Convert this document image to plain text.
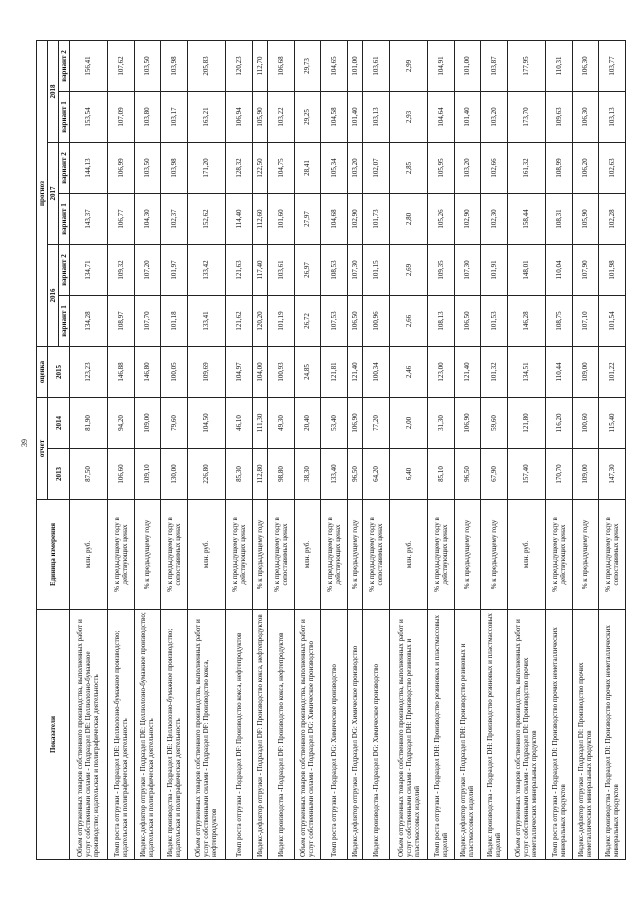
39
Показатели	Единица измерения	отчет		оценка	прогноз					
		2013	2014	2015	2016		2017		2018	
					вариант 1	вариант 2	вариант 1	вариант 2	вариант 1	вариант 2
Объем отгруженных товаров собственного производства, выполненных работ и услуг собственными силами - Подраздел DE: Целлюлозно-бумажное производство; издательская и полиграфическая деятельность	млн. руб.	87,50	81,90	123,23	134,28	134,71	143,37	144,13	153,54	156,41
Темп роста отгрузки - Подраздел DE: Целлюлозно-бумажное производство; издательская и полиграфическая деятельность	% к предыдущему году в действующих ценах	106,60	94,20	146,88	108,97	109,32	106,77	106,99	107,09	107,62
Индекс-дефлятор отгрузки - Подраздел DE: Целлюлозно-бумажное производство; издательская и полиграфическая деятельность	% к предыдущему году	109,10	109,00	146,80	107,70	107,20	104,30	103,50	103,80	103,50
Индекс производства - Подраздел DE: Целлюлозно-бумажное производство; издательская и полиграфическая деятельность	% к предыдущему году в сопоставимых ценах	130,00	79,60	100,05	101,18	101,97	102,37	103,98	103,17	103,98
Объем отгруженных товаров собственного производства, выполненных работ и услуг собственными силами - Подраздел DF: Производство кокса, нефтепродуктов	млн. руб.	226,80	104,50	109,69	133,41	133,42	152,62	171,20	163,21	205,83
Темп роста отгрузки - Подраздел DF: Производство кокса, нефтепродуктов	% к предыдущему году в действующих ценах	85,30	46,10	104,97	121,62	121,63	114,40	128,32	106,94	120,23
Индекс-дефлятор отгрузки - Подраздел DF: Производство кокса, нефтепродуктов	% к предыдущему году	112,80	111,30	104,00	120,20	117,40	112,60	122,50	105,90	112,70
Индекс производства -Подраздел DF: Производство кокса, нефтепродуктов	% к предыдущему году в сопоставимых ценах	98,80	49,30	100,93	101,19	103,61	101,60	104,75	103,22	106,68
Объем отгруженных товаров собственного производства, выполненных работ и услуг собственными силами - Подраздел DG: Химическое производство	млн. руб.	38,30	20,40	24,85	26,72	26,97	27,97	28,41	29,25	29,73
Темп роста отгрузки - Подраздел DG: Химическое производство	% к предыдущему году в действующих ценах	133,40	53,40	121,81	107,53	108,53	104,68	105,34	104,58	104,65
Индекс-дефлятор отгрузки - Подраздел DG: Химическое производство	% к предыдущему году	96,50	106,90	121,40	106,50	107,30	102,90	103,20	101,40	101,00
Индекс производства -Подраздел DG: Химическое производство	% к предыдущему году в сопоставимых ценах	64,20	77,20	100,34	100,96	101,15	101,73	102,07	103,13	103,61
Объем отгруженных товаров собственного производства, выполненных работ и услуг собственными силами - Подраздел DH: Производство резиновых и пластмассовых изделий	млн. руб.	6,40	2,00	2,46	2,66	2,69	2,80	2,85	2,93	2,99
Темп роста отгрузки - Подраздел DH: Производство резиновых и пластмассовых изделий	% к предыдущему году в действующих ценах	85,10	31,30	123,00	108,13	109,35	105,26	105,95	104,64	104,91
Индекс-дефлятор отгрузки - Подраздел DH: Производство резиновых и пластмассовых изделий	% к предыдущему году	96,50	106,90	121,40	106,50	107,30	102,90	103,20	101,40	101,00
Индекс производства - Подраздел DH: Производство резиновых и пластмассовых изделий	% к предыдущему году	67,90	59,60	101,32	101,53	101,91	102,30	102,66	103,20	103,87
Объем отгруженных товаров собственного производства, выполненных работ и услуг собственными силами - Подраздел DI: Производство прочих неметаллических минеральных продуктов	млн. руб.	157,40	121,80	134,51	146,28	148,01	158,44	161,32	173,70	177,95
Темп роста отгрузки - Подраздел DI: Производство прочих неметаллических минеральных продуктов	% к предыдущему году в действующих ценах	170,70	116,20	110,44	108,75	110,04	108,31	108,99	109,63	110,31
Индекс-дефлятор отгрузки - Подраздел DI: Производство прочих неметаллических минеральных продуктов	% к предыдущему году	109,00	100,60	109,00	107,10	107,90	105,90	106,20	106,30	106,30
Индекс производства - Подраздел DI: Производство прочих неметаллических минеральных продуктов	% к предыдущему году в сопоставимых ценах	147,30	115,40	101,22	101,54	101,98	102,28	102,63	103,13	103,77
